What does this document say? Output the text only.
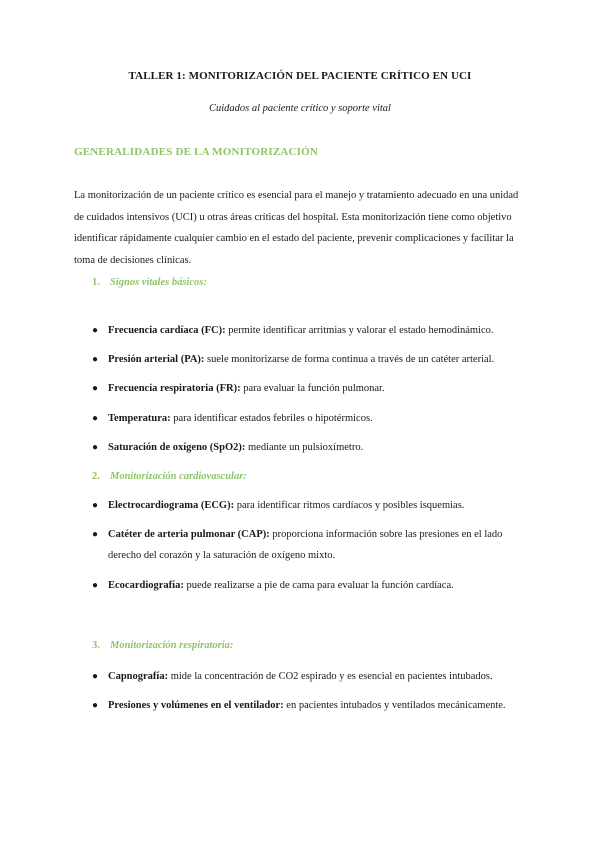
TALLER 1: MONITORIZACIÓN DEL PACIENTE CRÍTICO EN UCI
Cuidados al paciente crítico y soporte vital
GENERALIDADES DE LA MONITORIZACIÓN
La monitorización de un paciente crítico es esencial para el manejo y tratamiento adecuado en una unidad de cuidados intensivos (UCI) u otras áreas críticas del hospital. Esta monitorización tiene como objetivo identificar rápidamente cualquier cambio en el estado del paciente, prevenir complicaciones y facilitar la toma de decisiones clínicas.
1. Signos vitales básicos:
● Frecuencia cardíaca (FC): permite identificar arritmias y valorar el estado hemodinámico.
● Presión arterial (PA): suele monitorizarse de forma continua a través de un catéter arterial.
● Frecuencia respiratoria (FR): para evaluar la función pulmonar.
● Temperatura: para identificar estados febriles o hipotérmicos.
● Saturación de oxígeno (SpO2): mediante un pulsioxímetro.
2. Monitorización cardiovascular:
● Electrocardiograma (ECG): para identificar ritmos cardíacos y posibles isquemias.
● Catéter de arteria pulmonar (CAP): proporciona información sobre las presiones en el lado derecho del corazón y la saturación de oxígeno mixto.
● Ecocardiografía: puede realizarse a pie de cama para evaluar la función cardíaca.
3. Monitorización respiratoria:
● Capnografía: mide la concentración de CO2 espirado y es esencial en pacientes intubados.
● Presiones y volúmenes en el ventilador: en pacientes intubados y ventilados mecánicamente.
